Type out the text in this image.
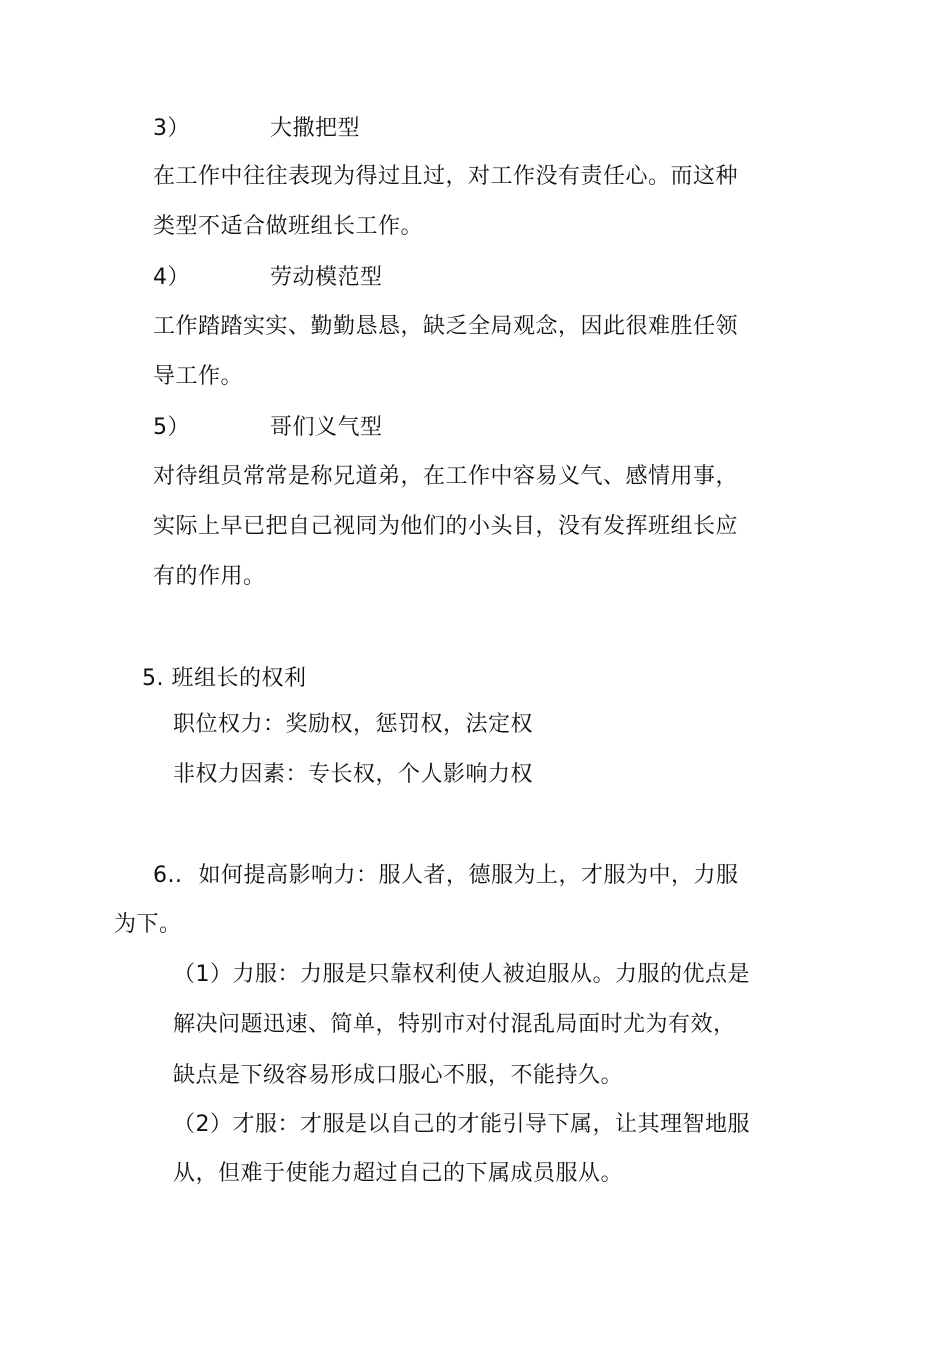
3）	大撒把型
在工作中往往表现为得过且过，对工作没有责任心。而这种
类型不适合做班组长工作。
4）	劳动模范型
工作踏踏实实、勤勤恳恳，缺乏全局观念，因此很难胜任领
导工作。
5）	哥们义气型
对待组员常常是称兄道弟，在工作中容易义气、感情用事，
实际上早已把自己视同为他们的小头目，没有发挥班组长应
有的作用。
5. 班组长的权利
职位权力：奖励权，惩罚权，法定权
非权力因素：专长权，个人影响力权
6.. 如何提高影响力：服人者，德服为上，才服为中，力服
为下。
（1）力服：力服是只靠权利使人被迫服从。力服的优点是
解决问题迅速、简单，特别市对付混乱局面时尤为有效，
缺点是下级容易形成口服心不服，不能持久。
（2）才服：才服是以自己的才能引导下属，让其理智地服
从，但难于使能力超过自己的下属成员服从。
